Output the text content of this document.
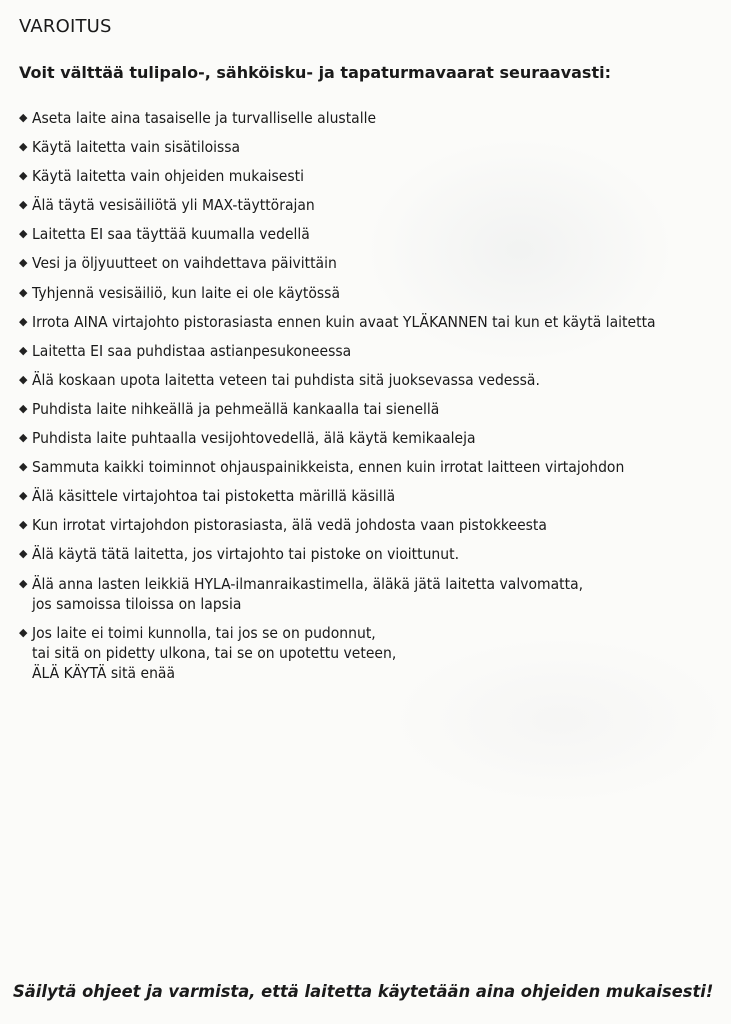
VAROITUS
Voit välttää tulipalo-, sähköisku- ja tapaturmavaarat seuraavasti:
◆ Aseta laite aina tasaiselle ja turvalliselle alustalle
◆ Käytä laitetta vain sisätiloissa
◆ Käytä laitetta vain ohjeiden mukaisesti
◆ Älä täytä vesisäiliötä yli MAX-täyttörajan
◆ Laitetta EI saa täyttää kuumalla vedellä
◆ Vesi ja öljyuutteet on vaihdettava päivittäin
◆ Tyhjennä vesisäiliö, kun laite ei ole käytössä
◆ Irrota AINA virtajohto pistorasiasta ennen kuin avaat YLÄKANNEN tai kun et käytä laitetta
◆ Laitetta EI saa puhdistaa astianpesukoneessa
◆ Älä koskaan upota laitetta veteen tai puhdista sitä juoksevassa vedessä.
◆ Puhdista laite nihkeällä ja pehmeällä kankaalla tai sienellä
◆ Puhdista laite puhtaalla vesijohtovedellä, älä käytä kemikaaleja
◆ Sammuta kaikki toiminnot ohjauspainikkeista, ennen kuin irrotat laitteen virtajohdon
◆ Älä käsittele virtajohtoa tai pistoketta märillä käsillä
◆ Kun irrotat virtajohdon pistorasiasta, älä vedä johdosta vaan pistokkeesta
◆ Älä käytä tätä laitetta, jos virtajohto tai pistoke on vioittunut.
◆ Älä anna lasten leikkiä HYLA-ilmanraikastimella, äläkä jätä laitetta valvomatta,
jos samoissa tiloissa on lapsia
◆ Jos laite ei toimi kunnolla, tai jos se on pudonnut,
tai sitä on pidetty ulkona, tai se on upotettu veteen,
ÄLÄ KÄYTÄ sitä enää
Säilytä ohjeet ja varmista, että laitetta käytetään aina ohjeiden mukaisesti!
